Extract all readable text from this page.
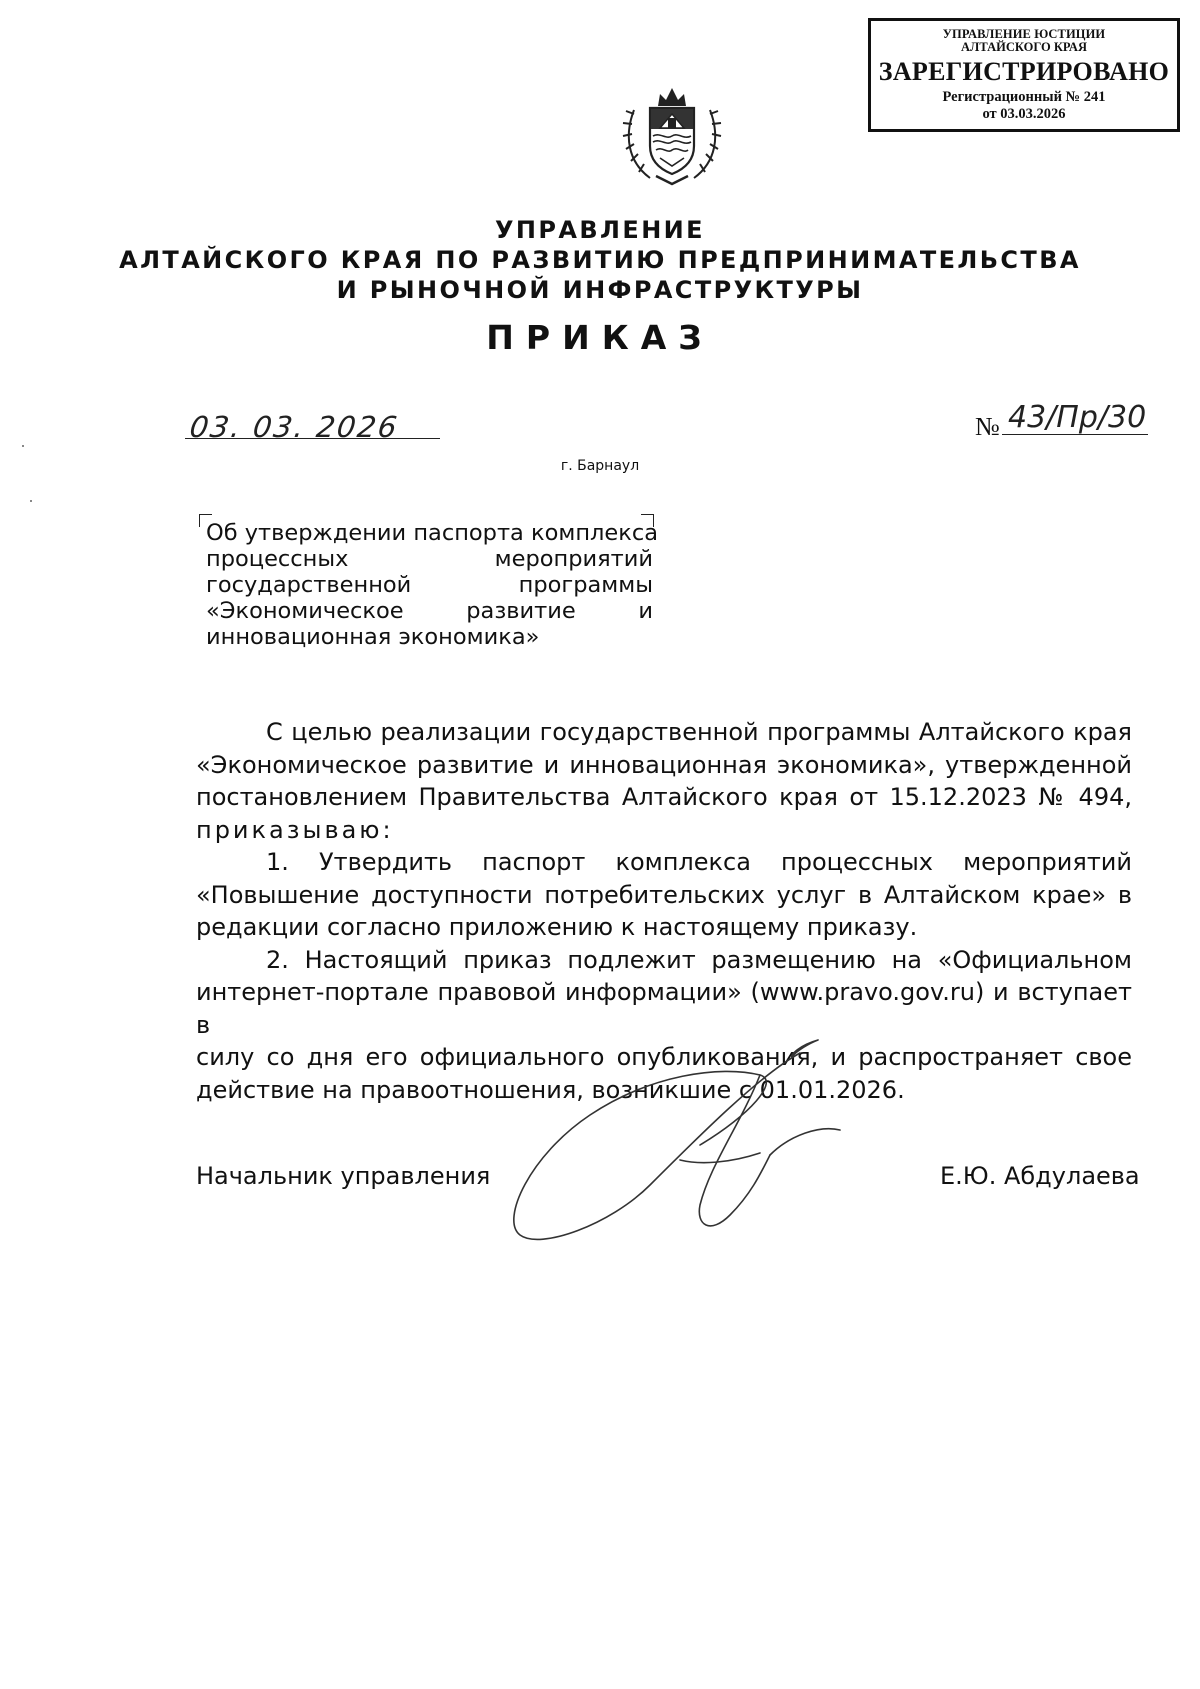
УПРАВЛЕНИЕ ЮСТИЦИИ
АЛТАЙСКОГО КРАЯ
ЗАРЕГИСТРИРОВАНО
Регистрационный № 241
от 03.03.2026
УПРАВЛЕНИЕ
АЛТАЙСКОГО КРАЯ ПО РАЗВИТИЮ ПРЕДПРИНИМАТЕЛЬСТВА
И РЫНОЧНОЙ ИНФРАСТРУКТУРЫ
ПРИКАЗ
03. 03. 2026	№ 43/Пр/30
г. Барнаул
Об утверждении паспорта комплекса
процессных мероприятий
государственной программы
«Экономическое развитие и
инновационная экономика»

С целью реализации государственной программы Алтайского края

«Экономическое развитие и инновационная экономика», утвержденной

постановлением Правительства Алтайского края от 15.12.2023 № 494,

приказываю:

1. Утвердить паспорт комплекса процессных мероприятий

«Повышение доступности потребительских услуг в Алтайском крае» в

редакции согласно приложению к настоящему приказу.

2. Настоящий приказ подлежит размещению на «Официальном

интернет-портале правовой информации» (www.pravo.gov.ru) и вступает в

силу со дня его официального опубликования, и распространяет свое

действие на правоотношения, возникшие с 01.01.2026.

Начальник управления	Е.Ю. Абдулаева
